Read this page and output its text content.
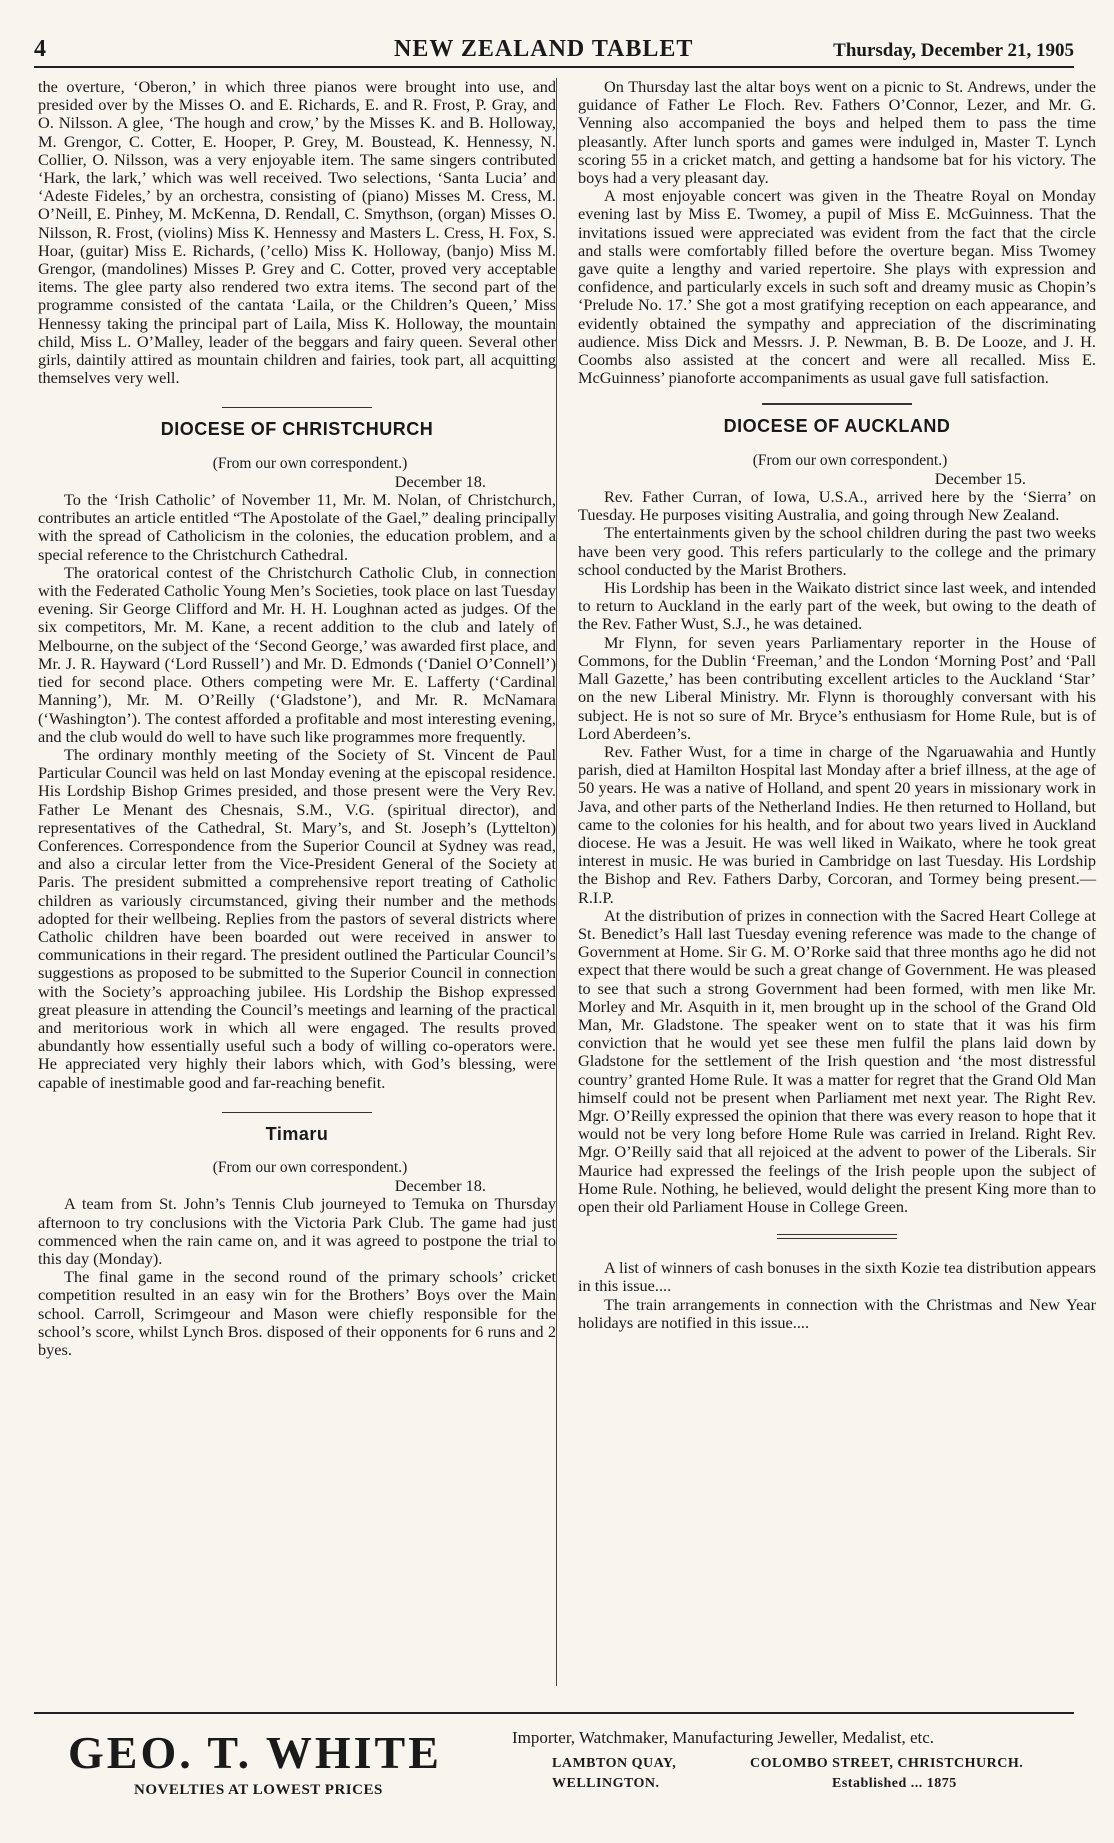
4	NEW ZEALAND TABLET	Thursday, December 21, 1905

the overture, ‘Oberon,’ in which three pianos were brought into use, and presided over by the Misses O. and E. Richards, E. and R. Frost, P. Gray, and O. Nilsson. A glee, ‘The hough and crow,’ by the Misses K. and B. Holloway, M. Grengor, C. Cotter, E. Hooper, P. Grey, M. Boustead, K. Hennessy, N. Collier, O. Nilsson, was a very enjoyable item. The same singers contributed ‘Hark, the lark,’ which was well received. Two selections, ‘Santa Lucia’ and ‘Adeste Fideles,’ by an orchestra, consisting of (piano) Misses M. Cress, M. O’Neill, E. Pinhey, M. McKenna, D. Rendall, C. Smythson, (organ) Misses O. Nilsson, R. Frost, (violins) Miss K. Hennessy and Masters L. Cress, H. Fox, S. Hoar, (guitar) Miss E. Richards, (’cello) Miss K. Holloway, (banjo) Miss M. Grengor, (mandolines) Misses P. Grey and C. Cotter, proved very acceptable items. The glee party also rendered two extra items. The second part of the programme consisted of the cantata ‘Laila, or the Children’s Queen,’ Miss Hennessy taking the principal part of Laila, Miss K. Holloway, the mountain child, Miss L. O’Malley, leader of the beggars and fairy queen. Several other girls, daintily attired as mountain children and fairies, took part, all acquitting themselves very well.

DIOCESE OF CHRISTCHURCH

(From our own correspondent.)

December 18.

To the ‘Irish Catholic’ of November 11, Mr. M. Nolan, of Christchurch, contributes an article entitled “The Apostolate of the Gael,” dealing principally with the spread of Catholicism in the colonies, the education problem, and a special reference to the Christchurch Cathedral.

The oratorical contest of the Christchurch Catholic Club, in connection with the Federated Catholic Young Men’s Societies, took place on last Tuesday evening. Sir George Clifford and Mr. H. H. Loughnan acted as judges. Of the six competitors, Mr. M. Kane, a recent addition to the club and lately of Melbourne, on the subject of the ‘Second George,’ was awarded first place, and Mr. J. R. Hayward (‘Lord Russell’) and Mr. D. Edmonds (‘Daniel O’Connell’) tied for second place. Others competing were Mr. E. Lafferty (‘Cardinal Manning’), Mr. M. O’Reilly (‘Gladstone’), and Mr. R. McNamara (‘Washington’). The contest afforded a profitable and most interesting evening, and the club would do well to have such like programmes more frequently.

The ordinary monthly meeting of the Society of St. Vincent de Paul Particular Council was held on last Monday evening at the episcopal residence. His Lordship Bishop Grimes presided, and those present were the Very Rev. Father Le Menant des Chesnais, S.M., V.G. (spiritual director), and representatives of the Cathedral, St. Mary’s, and St. Joseph’s (Lyttelton) Conferences. Correspondence from the Superior Council at Sydney was read, and also a circular letter from the Vice-President General of the Society at Paris. The president submitted a comprehensive report treating of Catholic children as variously circumstanced, giving their number and the methods adopted for their wellbeing. Replies from the pastors of several districts where Catholic children have been boarded out were received in answer to communications in their regard. The president outlined the Particular Council’s suggestions as proposed to be submitted to the Superior Council in connection with the Society’s approaching jubilee. His Lordship the Bishop expressed great pleasure in attending the Council’s meetings and learning of the practical and meritorious work in which all were engaged. The results proved abundantly how essentially useful such a body of willing co-operators were. He appreciated very highly their labors which, with God’s blessing, were capable of inestimable good and far-reaching benefit.

Timaru

(From our own correspondent.)

December 18.

A team from St. John’s Tennis Club journeyed to Temuka on Thursday afternoon to try conclusions with the Victoria Park Club. The game had just commenced when the rain came on, and it was agreed to postpone the trial to this day (Monday).

The final game in the second round of the primary schools’ cricket competition resulted in an easy win for the Brothers’ Boys over the Main school. Carroll, Scrimgeour and Mason were chiefly responsible for the school’s score, whilst Lynch Bros. disposed of their opponents for 6 runs and 2 byes.

On Thursday last the altar boys went on a picnic to St. Andrews, under the guidance of Father Le Floch. Rev. Fathers O’Connor, Lezer, and Mr. G. Venning also accompanied the boys and helped them to pass the time pleasantly. After lunch sports and games were indulged in, Master T. Lynch scoring 55 in a cricket match, and getting a handsome bat for his victory. The boys had a very pleasant day.

A most enjoyable concert was given in the Theatre Royal on Monday evening last by Miss E. Twomey, a pupil of Miss E. McGuinness. That the invitations issued were appreciated was evident from the fact that the circle and stalls were comfortably filled before the overture began. Miss Twomey gave quite a lengthy and varied repertoire. She plays with expression and confidence, and particularly excels in such soft and dreamy music as Chopin’s ‘Prelude No. 17.’ She got a most gratifying reception on each appearance, and evidently obtained the sympathy and appreciation of the discriminating audience. Miss Dick and Messrs. J. P. Newman, B. B. De Looze, and J. H. Coombs also assisted at the concert and were all recalled. Miss E. McGuinness’ pianoforte accompaniments as usual gave full satisfaction.

DIOCESE OF AUCKLAND

(From our own correspondent.)

December 15.

Rev. Father Curran, of Iowa, U.S.A., arrived here by the ‘Sierra’ on Tuesday. He purposes visiting Australia, and going through New Zealand.

The entertainments given by the school children during the past two weeks have been very good. This refers particularly to the college and the primary school conducted by the Marist Brothers.

His Lordship has been in the Waikato district since last week, and intended to return to Auckland in the early part of the week, but owing to the death of the Rev. Father Wust, S.J., he was detained.

Mr Flynn, for seven years Parliamentary reporter in the House of Commons, for the Dublin ‘Freeman,’ and the London ‘Morning Post’ and ‘Pall Mall Gazette,’ has been contributing excellent articles to the Auckland ‘Star’ on the new Liberal Ministry. Mr. Flynn is thoroughly conversant with his subject. He is not so sure of Mr. Bryce’s enthusiasm for Home Rule, but is of Lord Aberdeen’s.

Rev. Father Wust, for a time in charge of the Ngaruawahia and Huntly parish, died at Hamilton Hospital last Monday after a brief illness, at the age of 50 years. He was a native of Holland, and spent 20 years in missionary work in Java, and other parts of the Netherland Indies. He then returned to Holland, but came to the colonies for his health, and for about two years lived in Auckland diocese. He was a Jesuit. He was well liked in Waikato, where he took great interest in music. He was buried in Cambridge on last Tuesday. His Lordship the Bishop and Rev. Fathers Darby, Corcoran, and Tormey being present.—R.I.P.

At the distribution of prizes in connection with the Sacred Heart College at St. Benedict’s Hall last Tuesday evening reference was made to the change of Government at Home. Sir G. M. O’Rorke said that three months ago he did not expect that there would be such a great change of Government. He was pleased to see that such a strong Government had been formed, with men like Mr. Morley and Mr. Asquith in it, men brought up in the school of the Grand Old Man, Mr. Gladstone. The speaker went on to state that it was his firm conviction that he would yet see these men fulfil the plans laid down by Gladstone for the settlement of the Irish question and ‘the most distressful country’ granted Home Rule. It was a matter for regret that the Grand Old Man himself could not be present when Parliament met next year. The Right Rev. Mgr. O’Reilly expressed the opinion that there was every reason to hope that it would not be very long before Home Rule was carried in Ireland. Right Rev. Mgr. O’Reilly said that all rejoiced at the advent to power of the Liberals. Sir Maurice had expressed the feelings of the Irish people upon the subject of Home Rule. Nothing, he believed, would delight the present King more than to open their old Parliament House in College Green.

A list of winners of cash bonuses in the sixth Kozie tea distribution appears in this issue....

The train arrangements in connection with the Christmas and New Year holidays are notified in this issue....

GEO. T. WHITE
NOVELTIES AT LOWEST PRICES
Importer, Watchmaker, Manufacturing Jeweller, Medalist, etc.
LAMBTON QUAY,
WELLINGTON.
COLOMBO STREET, CHRISTCHURCH.
Established ... 1875
